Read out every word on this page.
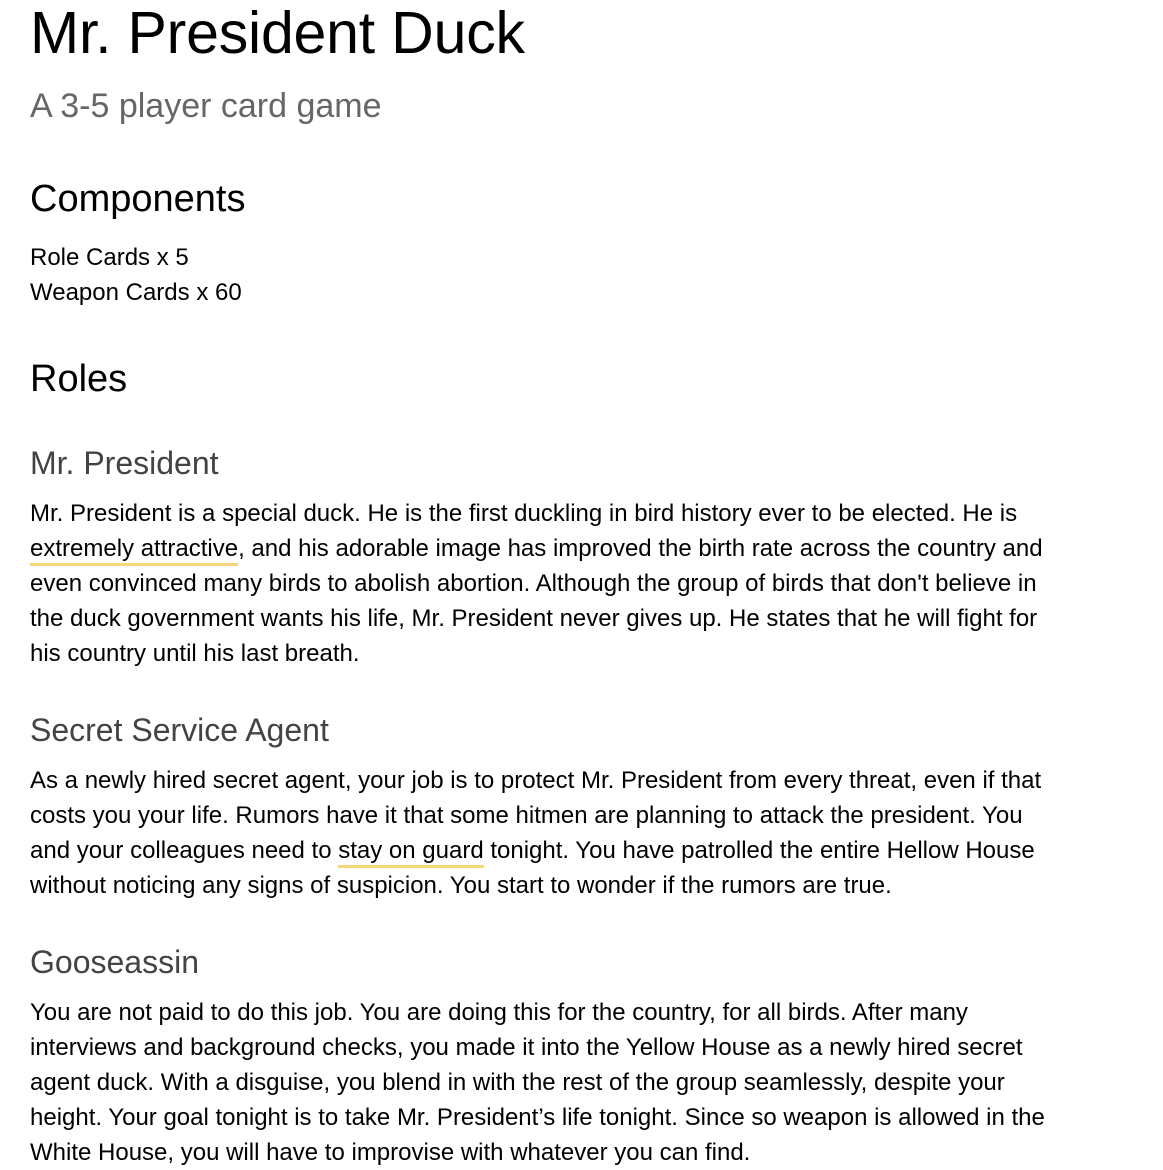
Mr. President Duck
A 3-5 player card game
Components
Role Cards x 5
Weapon Cards x 60
Roles
Mr. President
Mr. President is a special duck. He is the first duckling in bird history ever to be elected. He is
extremely attractive, and his adorable image has improved the birth rate across the country and
even convinced many birds to abolish abortion. Although the group of birds that don't believe in
the duck government wants his life, Mr. President never gives up. He states that he will fight for
his country until his last breath.
Secret Service Agent
As a newly hired secret agent, your job is to protect Mr. President from every threat, even if that
costs you your life. Rumors have it that some hitmen are planning to attack the president. You
and your colleagues need to stay on guard tonight. You have patrolled the entire Hellow House
without noticing any signs of suspicion. You start to wonder if the rumors are true.
Gooseassin
You are not paid to do this job. You are doing this for the country, for all birds. After many
interviews and background checks, you made it into the Yellow House as a newly hired secret
agent duck. With a disguise, you blend in with the rest of the group seamlessly, despite your
height. Your goal tonight is to take Mr. President’s life tonight. Since so weapon is allowed in the
White House, you will have to improvise with whatever you can find.
